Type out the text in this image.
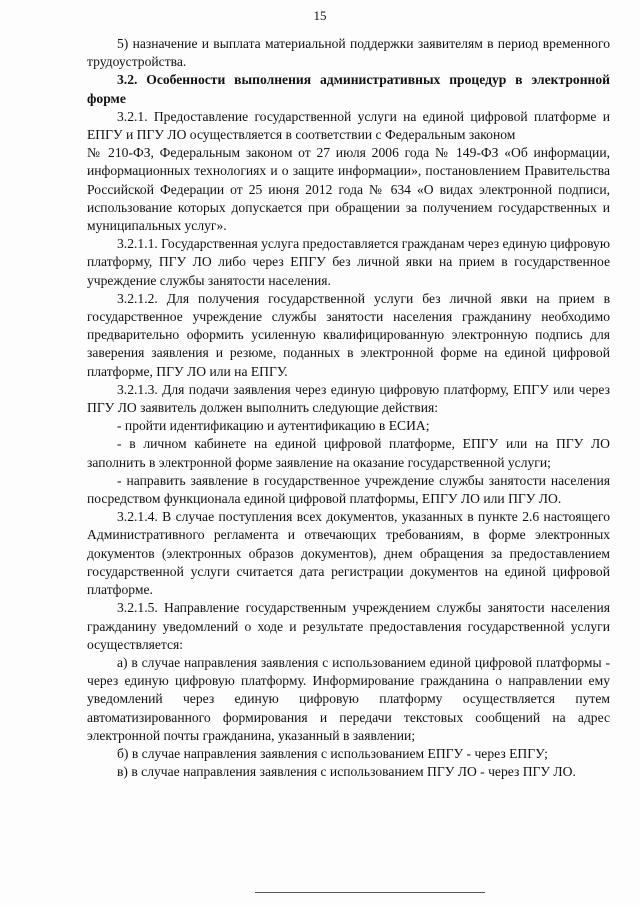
15

5) назначение и выплата материальной поддержки заявителям в период временного трудоустройства.

3.2. Особенности выполнения административных процедур в электронной форме

3.2.1. Предоставление государственной услуги на единой цифровой платформе и ЕПГУ и ПГУ ЛО осуществляется в соответствии с Федеральным законом

№ 210-ФЗ, Федеральным законом от 27 июля 2006 года № 149-ФЗ «Об информации, информационных технологиях и о защите информации», постановлением Правительства Российской Федерации от 25 июня 2012 года № 634 «О видах электронной подписи, использование которых допускается при обращении за получением государственных и муниципальных услуг».

3.2.1.1. Государственная услуга предоставляется гражданам через единую цифровую платформу, ПГУ ЛО либо через ЕПГУ без личной явки на прием в государственное учреждение службы занятости населения.

3.2.1.2. Для получения государственной услуги без личной явки на прием в государственное учреждение службы занятости населения гражданину необходимо предварительно оформить усиленную квалифицированную электронную подпись для заверения заявления и резюме, поданных в электронной форме на единой цифровой платформе, ПГУ ЛО или на ЕПГУ.

3.2.1.3. Для подачи заявления через единую цифровую платформу, ЕПГУ или через ПГУ ЛО заявитель должен выполнить следующие действия:

- пройти идентификацию и аутентификацию в ЕСИА;

- в личном кабинете на единой цифровой платформе, ЕПГУ или на ПГУ ЛО заполнить в электронной форме заявление на оказание государственной услуги;

- направить заявление в государственное учреждение службы занятости населения посредством функционала единой цифровой платформы, ЕПГУ ЛО или ПГУ ЛО.

3.2.1.4. В случае поступления всех документов, указанных в пункте 2.6 настоящего Административного регламента и отвечающих требованиям, в форме электронных документов (электронных образов документов), днем обращения за предоставлением государственной услуги считается дата регистрации документов на единой цифровой платформе.

3.2.1.5. Направление государственным учреждением службы занятости населения гражданину уведомлений о ходе и результате предоставления государственной услуги осуществляется:

а) в случае направления заявления с использованием единой цифровой платформы - через единую цифровую платформу. Информирование гражданина о направлении ему уведомлений через единую цифровую платформу осуществляется путем автоматизированного формирования и передачи текстовых сообщений на адрес электронной почты гражданина, указанный в заявлении;

б) в случае направления заявления с использованием ЕПГУ - через ЕПГУ;

в) в случае направления заявления с использованием ПГУ ЛО - через ПГУ ЛО.
